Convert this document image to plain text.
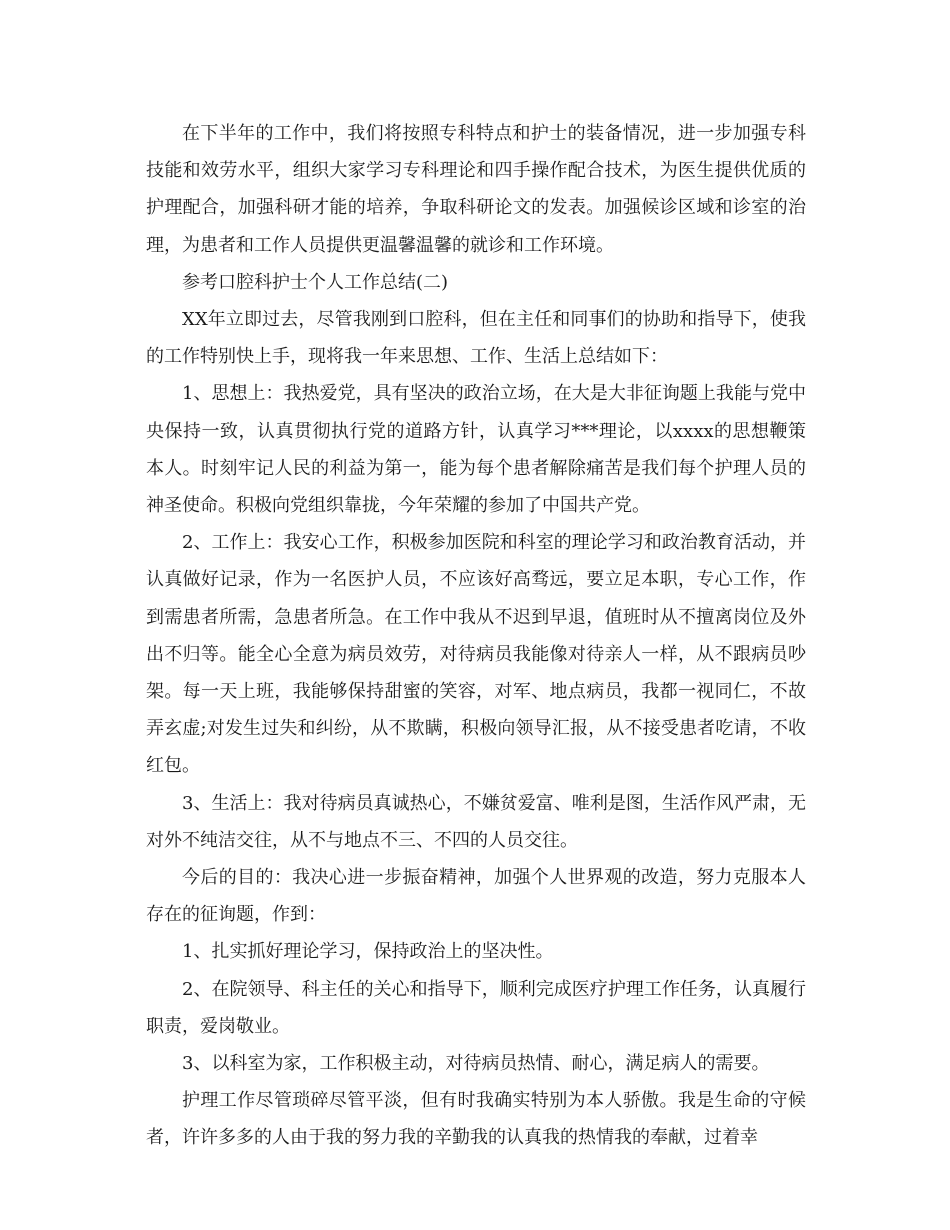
在下半年的工作中，我们将按照专科特点和护士的装备情况，进一步加强专科技能和效劳水平，组织大家学习专科理论和四手操作配合技术，为医生提供优质的护理配合，加强科研才能的培养，争取科研论文的发表。加强候诊区域和诊室的治理，为患者和工作人员提供更温馨温馨的就诊和工作环境。

参考口腔科护士个人工作总结(二)

XX年立即过去，尽管我刚到口腔科，但在主任和同事们的协助和指导下，使我的工作特别快上手，现将我一年来思想、工作、生活上总结如下：

1、思想上：我热爱党，具有坚决的政治立场，在大是大非征询题上我能与党中央保持一致，认真贯彻执行党的道路方针，认真学习***理论，以xxxx的思想鞭策本人。时刻牢记人民的利益为第一，能为每个患者解除痛苦是我们每个护理人员的神圣使命。积极向党组织靠拢，今年荣耀的参加了中国共产党。

2、工作上：我安心工作，积极参加医院和科室的理论学习和政治教育活动，并认真做好记录，作为一名医护人员，不应该好高骛远，要立足本职，专心工作，作到需患者所需，急患者所急。在工作中我从不迟到早退，值班时从不擅离岗位及外出不归等。能全心全意为病员效劳，对待病员我能像对待亲人一样，从不跟病员吵架。每一天上班，我能够保持甜蜜的笑容，对军、地点病员，我都一视同仁，不故弄玄虚;对发生过失和纠纷，从不欺瞒，积极向领导汇报，从不接受患者吃请，不收红包。

3、生活上：我对待病员真诚热心，不嫌贫爱富、唯利是图，生活作风严肃，无对外不纯洁交往，从不与地点不三、不四的人员交往。

今后的目的：我决心进一步振奋精神，加强个人世界观的改造，努力克服本人存在的征询题，作到：

1、扎实抓好理论学习，保持政治上的坚决性。

2、在院领导、科主任的关心和指导下，顺利完成医疗护理工作任务，认真履行职责，爱岗敬业。

3、以科室为家，工作积极主动，对待病员热情、耐心，满足病人的需要。

护理工作尽管琐碎尽管平淡，但有时我确实特别为本人骄傲。我是生命的守候者，许许多多的人由于我的努力我的辛勤我的认真我的热情我的奉献，过着幸
